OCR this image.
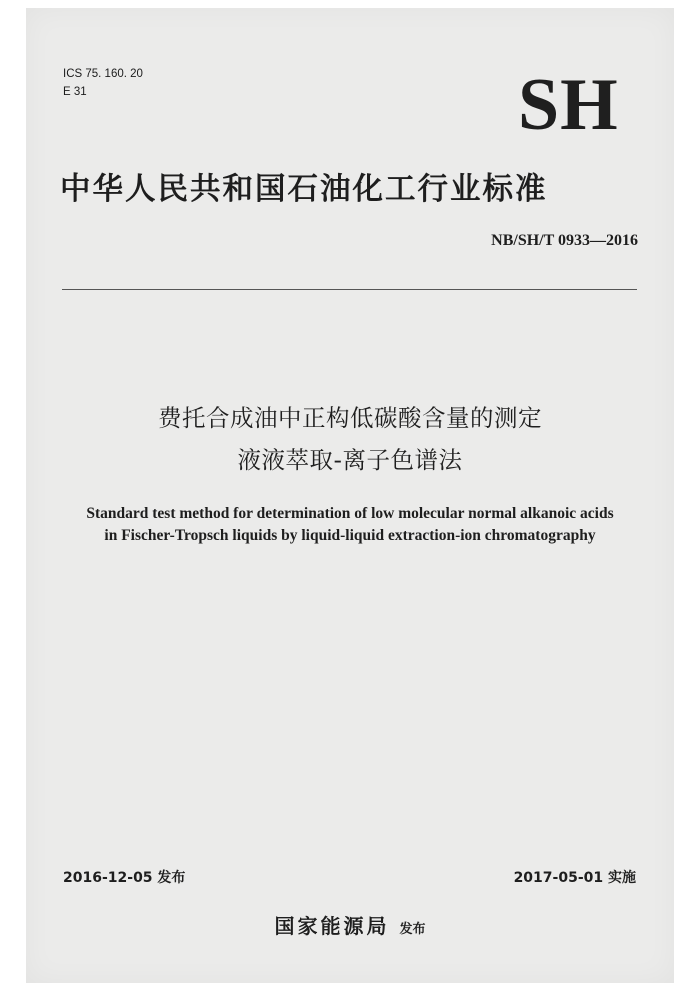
ICS 75. 160. 20
E 31	SH
中华人民共和国石油化工行业标准
NB/SH/T 0933—2016
费托合成油中正构低碳酸含量的测定
液液萃取-离子色谱法
Standard test method for determination of low molecular normal alkanoic acids
in Fischer-Tropsch liquids by liquid-liquid extraction-ion chromatography
2016-12-05 发布	2017-05-01 实施
国家能源局 发布
